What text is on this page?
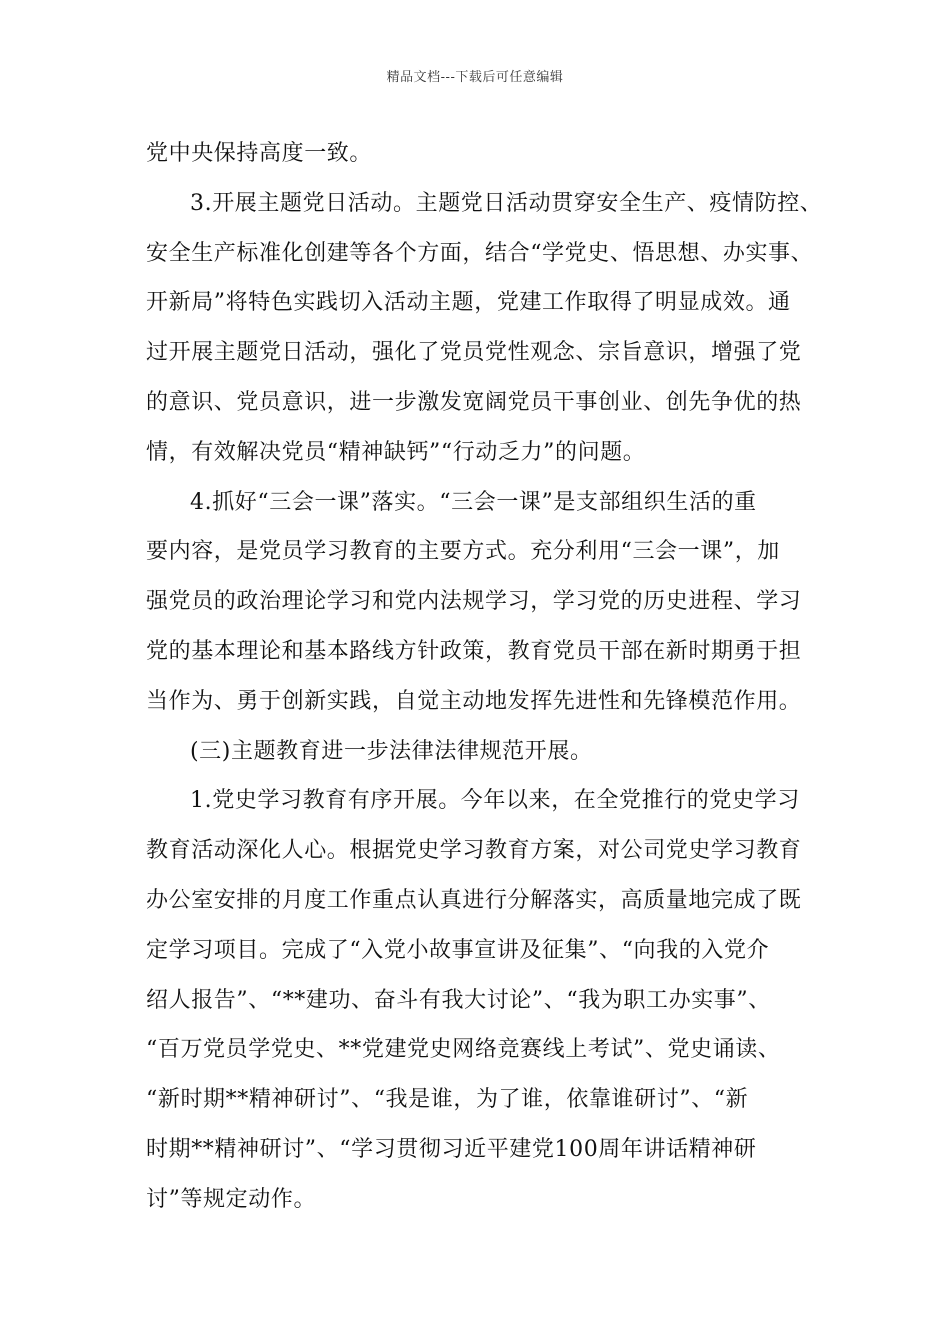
精品文档---下载后可任意编辑
党中央保持高度一致。
3.开展主题党日活动。主题党日活动贯穿安全生产、疫情防控、
安全生产标准化创建等各个方面，结合“学党史、悟思想、办实事、
开新局”将特色实践切入活动主题，党建工作取得了明显成效。通
过开展主题党日活动，强化了党员党性观念、宗旨意识，增强了党
的意识、党员意识，进一步激发宽阔党员干事创业、创先争优的热
情，有效解决党员“精神缺钙”“行动乏力”的问题。
4.抓好“三会一课”落实。“三会一课”是支部组织生活的重
要内容，是党员学习教育的主要方式。充分利用“三会一课”，加
强党员的政治理论学习和党内法规学习，学习党的历史进程、学习
党的基本理论和基本路线方针政策，教育党员干部在新时期勇于担
当作为、勇于创新实践，自觉主动地发挥先进性和先锋模范作用。
(三)主题教育进一步法律法律规范开展。
1.党史学习教育有序开展。今年以来，在全党推行的党史学习
教育活动深化人心。根据党史学习教育方案，对公司党史学习教育
办公室安排的月度工作重点认真进行分解落实，高质量地完成了既
定学习项目。完成了“入党小故事宣讲及征集”、“向我的入党介
绍人报告”、“**建功、奋斗有我大讨论”、“我为职工办实事”、
“百万党员学党史、**党建党史网络竞赛线上考试”、党史诵读、
“新时期**精神研讨”、“我是谁，为了谁，依靠谁研讨”、“新
时期**精神研讨”、“学习贯彻习近平建党100周年讲话精神研
讨”等规定动作。
